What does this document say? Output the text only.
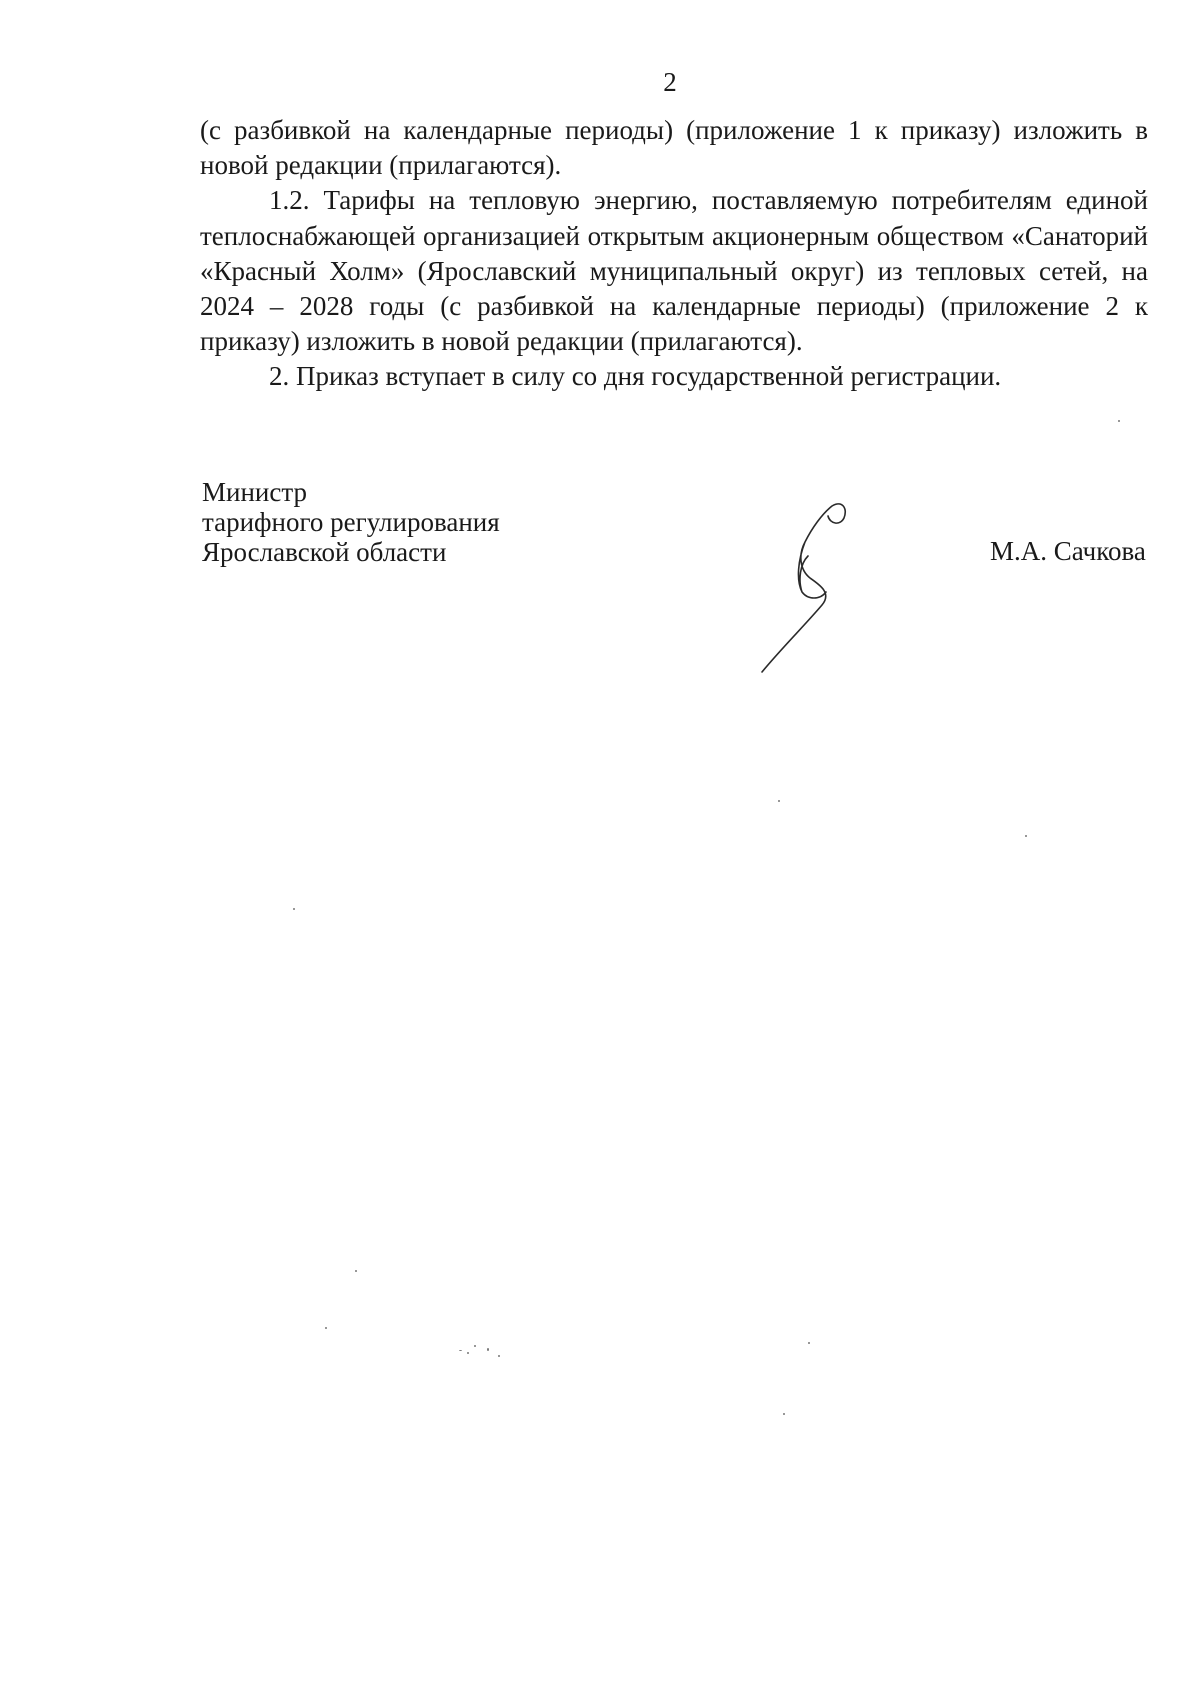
2

(с разбивкой на календарные периоды) (приложение 1 к приказу) изложить в новой редакции (прилагаются).

1.2. Тарифы на тепловую энергию, поставляемую потребителям единой теплоснабжающей организацией открытым акционерным обществом «Санаторий «Красный Холм» (Ярославский муниципальный округ) из тепловых сетей, на 2024 – 2028 годы (с разбивкой на календарные периоды) (приложение 2 к приказу) изложить в новой редакции (прилагаются).

2. Приказ вступает в силу со дня государственной регистрации.

Министр
тарифного регулирования
Ярославской области	М.А. Сачкова
